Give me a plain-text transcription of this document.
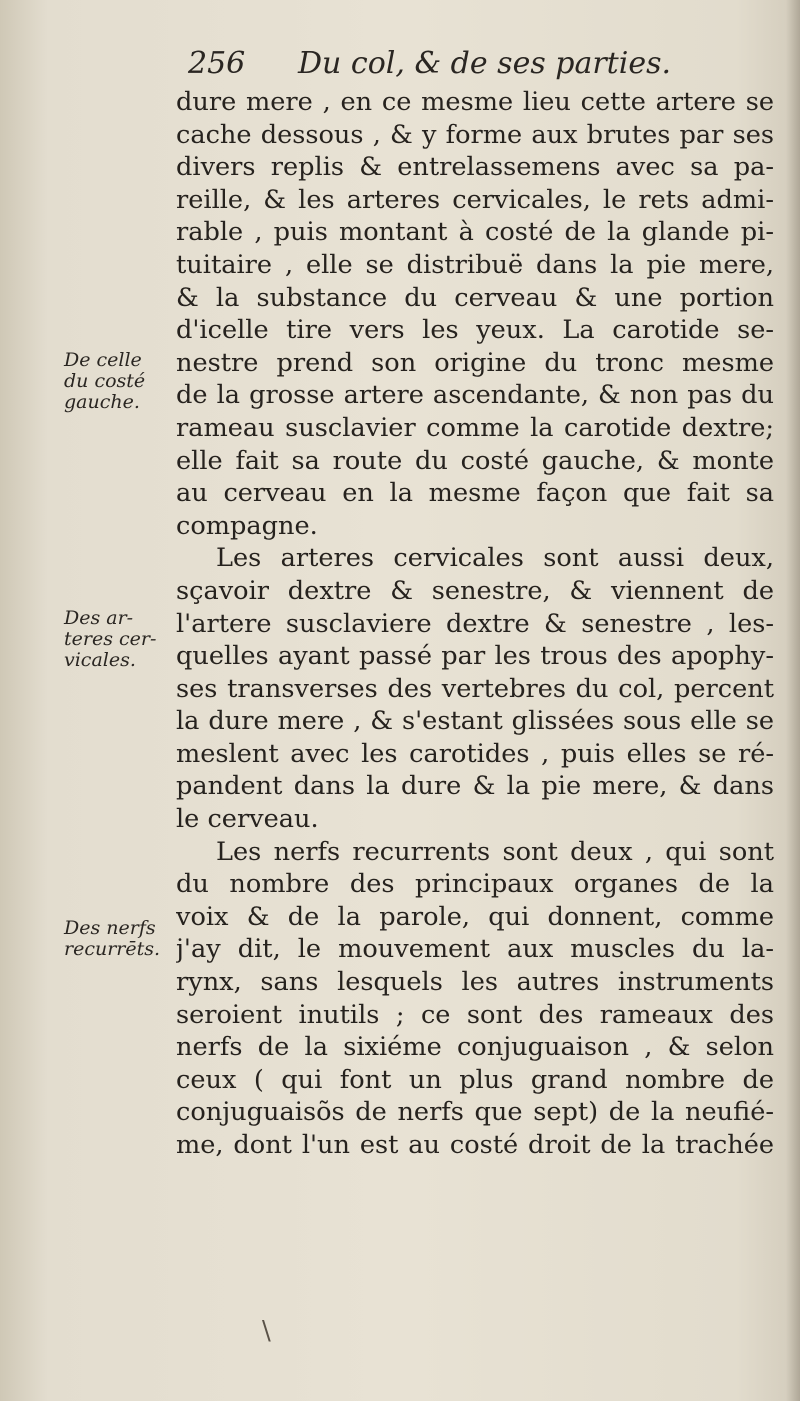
256 Du col, & de ses parties.
dure mere , en ce mesme lieu cette artere se
cache dessous , & y forme aux brutes par ses
divers replis & entrelassemens avec sa pa-
reille, & les arteres cervicales, le rets admi-
rable , puis montant à costé de la glande pi-
tuitaire , elle se distribuë dans la pie mere,
& la substance du cerveau & une portion
d'icelle tire vers les yeux. La carotide se-
nestre prend son origine du tronc mesme
de la grosse artere ascendante, & non pas du
rameau susclavier comme la carotide dextre;
elle fait sa route du costé gauche, & monte
au cerveau en la mesme façon que fait sa
compagne.
Les arteres cervicales sont aussi deux,
sçavoir dextre & senestre, & viennent de
l'artere susclaviere dextre & senestre , les-
quelles ayant passé par les trous des apophy-
ses transverses des vertebres du col, percent
la dure mere , & s'estant glissées sous elle se
meslent avec les carotides , puis elles se ré-
pandent dans la dure & la pie mere, & dans
le cerveau.
Les nerfs recurrents sont deux , qui sont
du nombre des principaux organes de la
voix & de la parole, qui donnent, comme
j'ay dit, le mouvement aux muscles du la-
rynx, sans lesquels les autres instruments
seroient inutils ; ce sont des rameaux des
nerfs de la sixiéme conjuguaison , & selon
ceux ( qui font un plus grand nombre de
conjuguaisõs de nerfs que sept) de la neufié-
me, dont l'un est au costé droit de la trachée
De celle
du costé
gauche.
Des ar-
teres cer-
vicales.
Des nerfs
recurrēts.
\
